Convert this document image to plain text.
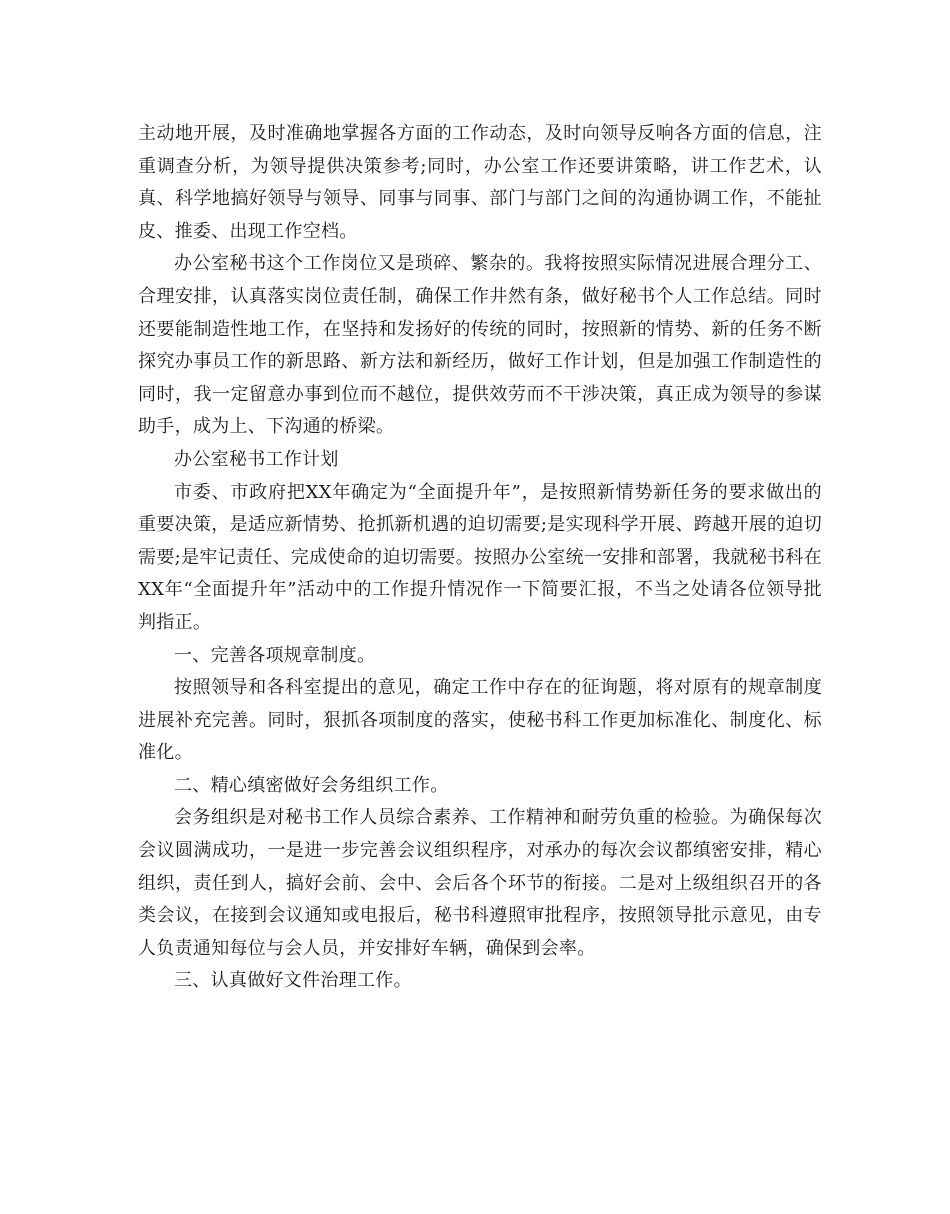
主动地开展，及时准确地掌握各方面的工作动态，及时向领导反响各方面的信息，注重调查分析，为领导提供决策参考;同时，办公室工作还要讲策略，讲工作艺术，认真、科学地搞好领导与领导、同事与同事、部门与部门之间的沟通协调工作，不能扯皮、推委、出现工作空档。

办公室秘书这个工作岗位又是琐碎、繁杂的。我将按照实际情况进展合理分工、合理安排，认真落实岗位责任制，确保工作井然有条，做好秘书个人工作总结。同时还要能制造性地工作，在坚持和发扬好的传统的同时，按照新的情势、新的任务不断探究办事员工作的新思路、新方法和新经历，做好工作计划，但是加强工作制造性的同时，我一定留意办事到位而不越位，提供效劳而不干涉决策，真正成为领导的参谋助手，成为上、下沟通的桥梁。

办公室秘书工作计划

市委、市政府把XX年确定为“全面提升年”，是按照新情势新任务的要求做出的重要决策，是适应新情势、抢抓新机遇的迫切需要;是实现科学开展、跨越开展的迫切需要;是牢记责任、完成使命的迫切需要。按照办公室统一安排和部署，我就秘书科在XX年“全面提升年”活动中的工作提升情况作一下简要汇报，不当之处请各位领导批判指正。

一、完善各项规章制度。

按照领导和各科室提出的意见，确定工作中存在的征询题，将对原有的规章制度进展补充完善。同时，狠抓各项制度的落实，使秘书科工作更加标准化、制度化、标准化。

二、精心缜密做好会务组织工作。

会务组织是对秘书工作人员综合素养、工作精神和耐劳负重的检验。为确保每次会议圆满成功，一是进一步完善会议组织程序，对承办的每次会议都缜密安排，精心组织，责任到人，搞好会前、会中、会后各个环节的衔接。二是对上级组织召开的各类会议，在接到会议通知或电报后，秘书科遵照审批程序，按照领导批示意见，由专人负责通知每位与会人员，并安排好车辆，确保到会率。

三、认真做好文件治理工作。
